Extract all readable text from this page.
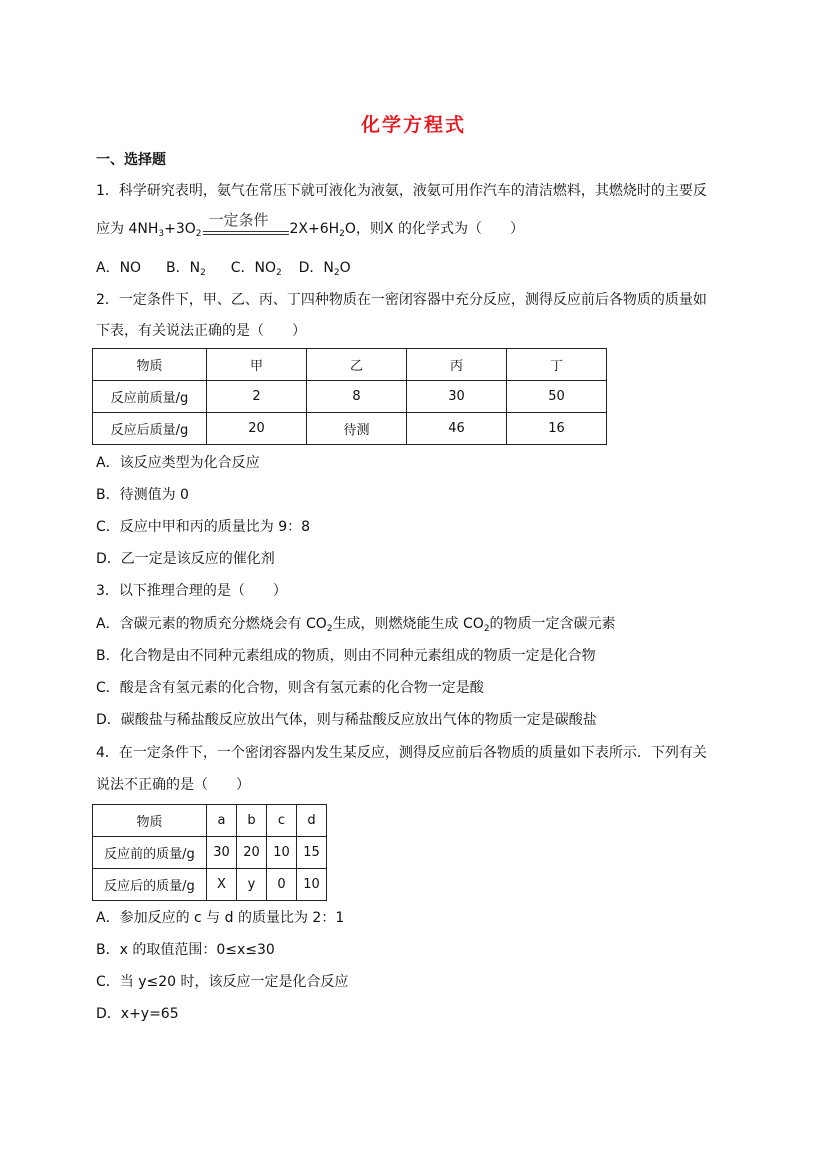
化学方程式
一、选择题
1．科学研究表明，氨气在常压下就可液化为液氨，液氨可用作汽车的清洁燃料，其燃烧时的主要反
应为 $4NH_3+3O_2$
一定条件 $2X+6H_2O$，则X 的化学式为（　　）
A．NO B．$N_2$ C．$NO_2$ D．$N_2O$
2．一定条件下，甲、乙、丙、丁四种物质在一密闭容器中充分反应，测得反应前后各物质的质量如
下表，有关说法正确的是（　　）
物质	甲	乙	丙	丁
反应前质量/g	2	8	30	50
反应后质量/g	20	待测	46	16
A．该反应类型为化合反应
B．待测值为 0
C．反应中甲和丙的质量比为 9：8
D．乙一定是该反应的催化剂
3．以下推理合理的是（　　）
A．含碳元素的物质充分燃烧会有 $CO_2$生成，则燃烧能生成 $CO_2$的物质一定含碳元素
B．化合物是由不同种元素组成的物质，则由不同种元素组成的物质一定是化合物
C．酸是含有氢元素的化合物，则含有氢元素的化合物一定是酸
D．碳酸盐与稀盐酸反应放出气体，则与稀盐酸反应放出气体的物质一定是碳酸盐
4．在一定条件下，一个密闭容器内发生某反应，测得反应前后各物质的质量如下表所示．下列有关
说法不正确的是（　　）
物质	a	b	c	d
反应前的质量/g	30	20	10	15
反应后的质量/g	X	y	0	10
A．参加反应的 c 与 d 的质量比为 2：1
B．x 的取值范围：0≤x≤30
C．当 y≤20 时，该反应一定是化合反应
D．x+y=65
